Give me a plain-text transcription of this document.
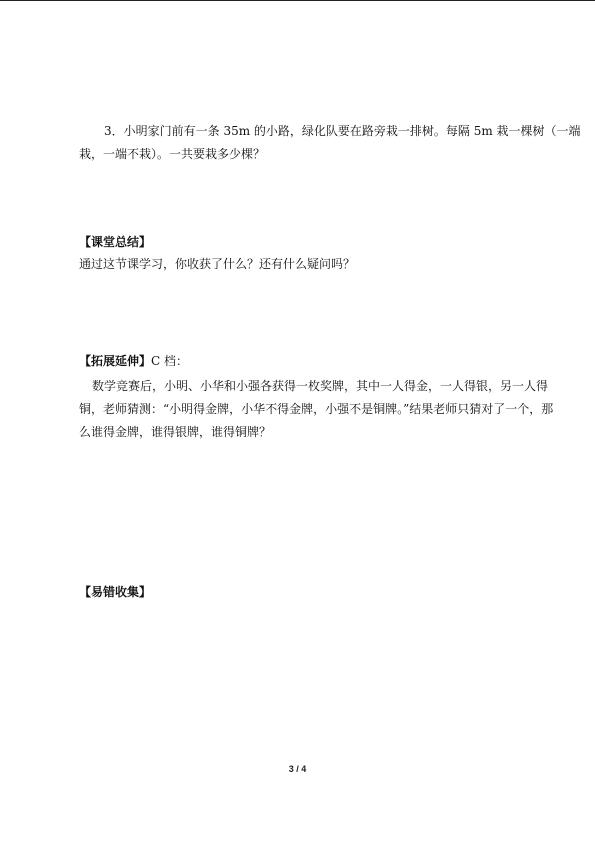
3．小明家门前有一条 35m 的小路，绿化队要在路旁栽一排树。每隔 5m 栽一棵树（一端
栽，一端不栽）。一共要栽多少棵？
【课堂总结】
通过这节课学习，你收获了什么？还有什么疑问吗？
【拓展延伸】C 档：
数学竞赛后，小明、小华和小强各获得一枚奖牌，其中一人得金，一人得银，另一人得
铜，老师猜测：“小明得金牌，小华不得金牌，小强不是铜牌。”结果老师只猜对了一个，那
么谁得金牌，谁得银牌，谁得铜牌？
【易错收集】
3 / 4
